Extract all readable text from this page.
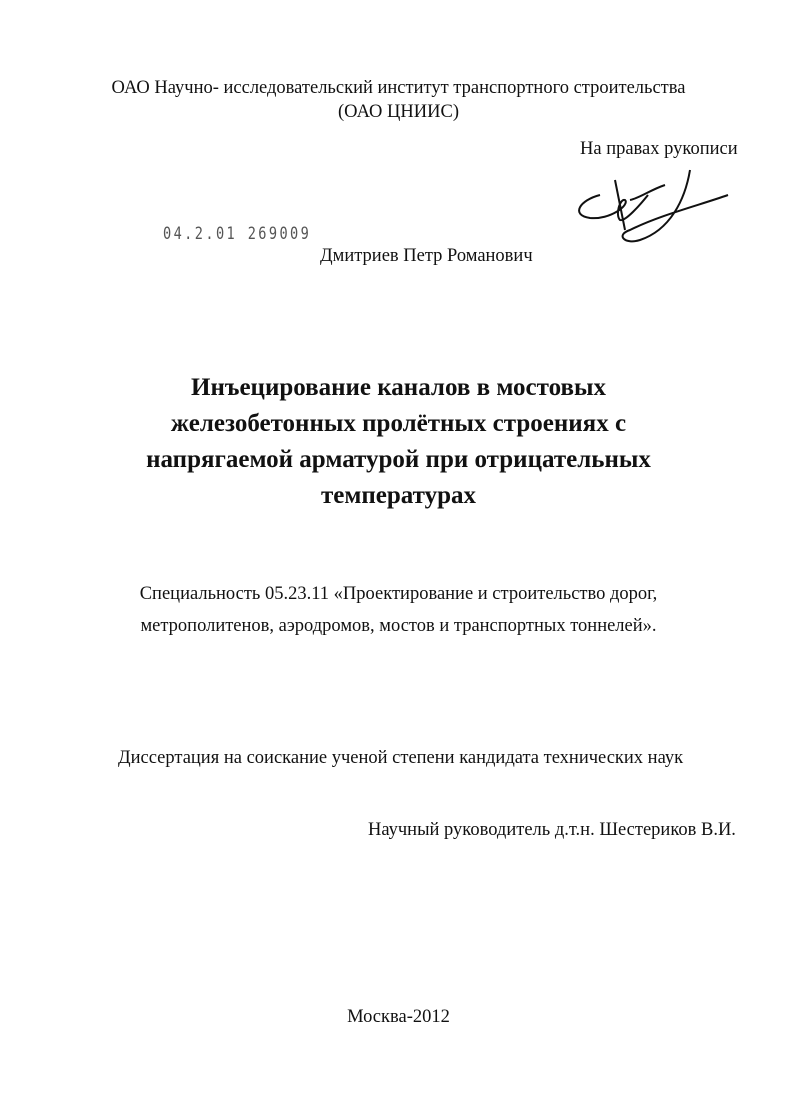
ОАО Научно- исследовательский институт транспортного строительства
(ОАО ЦНИИС)
На правах рукописи
04.2.01 269009
Дмитриев Петр Романович
Инъецирование каналов в мостовых
железобетонных пролётных строениях с
напрягаемой арматурой при отрицательных
температурах
Специальность 05.23.11 «Проектирование и строительство дорог,
метрополитенов, аэродромов, мостов и транспортных тоннелей».
Диссертация на соискание ученой степени кандидата технических наук
Научный руководитель д.т.н. Шестериков В.И.
Москва-2012
